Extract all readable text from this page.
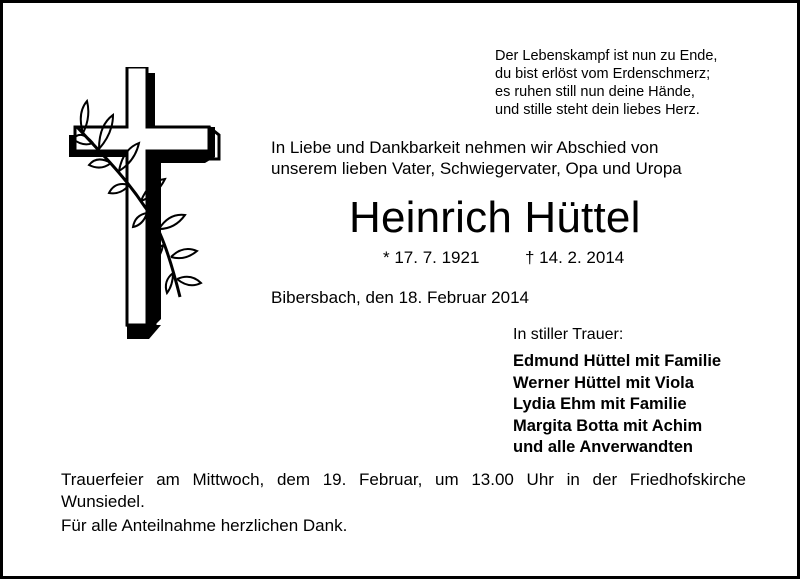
Der Lebenskampf ist nun zu Ende,
du bist erlöst vom Erdenschmerz;
es ruhen still nun deine Hände,
und stille steht dein liebes Herz.
In Liebe und Dankbarkeit nehmen wir Abschied von
unserem lieben Vater, Schwiegervater, Opa und Uropa
Heinrich Hüttel
* 17. 7. 1921	† 14. 2. 2014
Bibersbach, den 18. Februar 2014
In stiller Trauer:
Edmund Hüttel mit Familie
Werner Hüttel mit Viola
Lydia Ehm mit Familie
Margita Botta mit Achim
und alle Anverwandten
Trauerfeier am Mittwoch, dem 19. Februar, um 13.00 Uhr in der Friedhofskirche Wunsiedel.
Für alle Anteilnahme herzlichen Dank.
